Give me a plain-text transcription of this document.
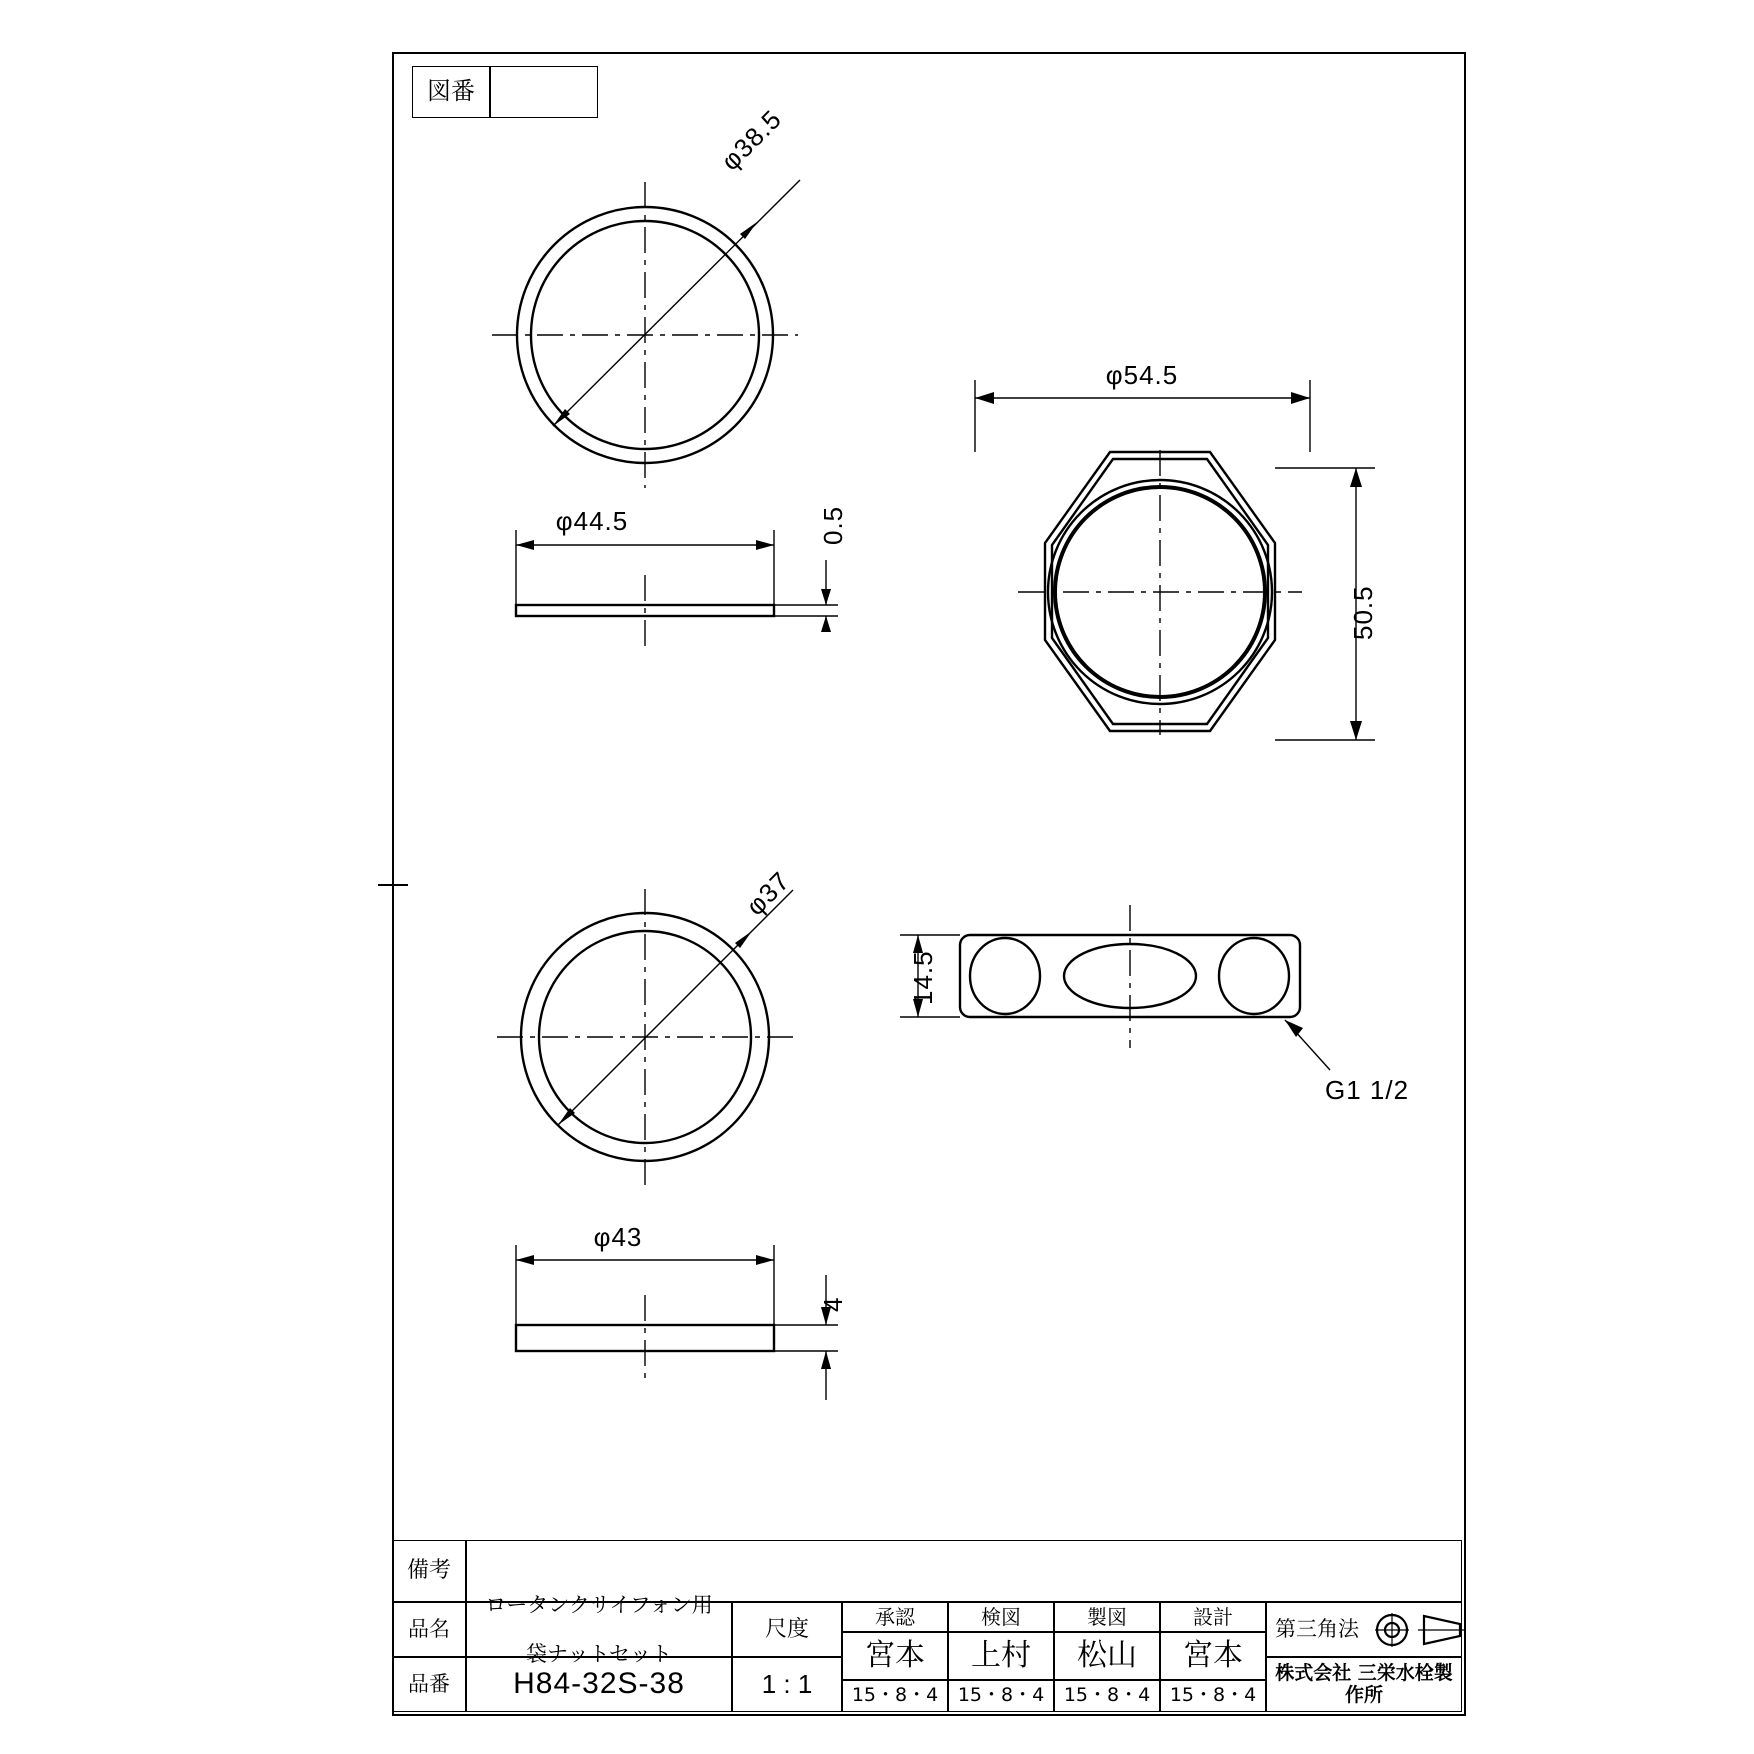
図番
φ38.5
φ44.5	0.5
φ54.5
50.5
φ37
φ43
4
14.5
G1 1/2
備考
品名
品番
ロータンクサイフォン用

袋ナットセット
H84-32S-38
尺度
1 : 1
承認
宮本
15・8・4
検図
上村
15・8・4
製図
松山
15・8・4
設計
宮本
15・8・4
第三角法
株式会社 三栄水栓製作所
